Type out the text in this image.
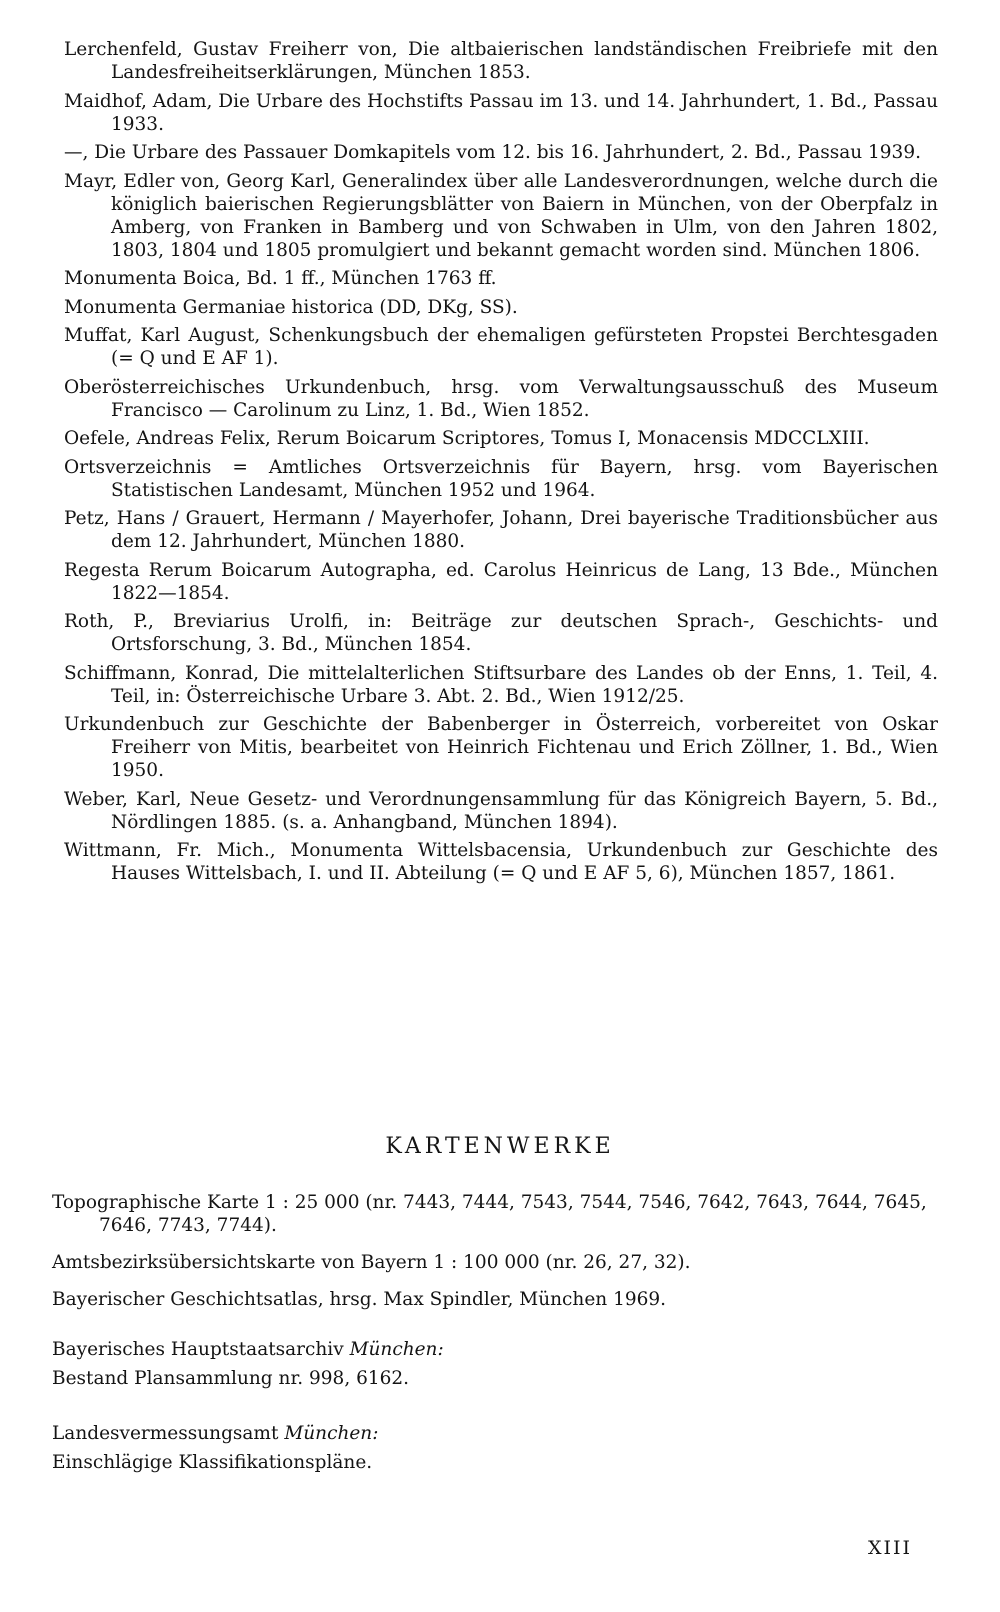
Lerchenfeld, Gustav Freiherr von, Die altbaierischen landständischen Freibriefe mit den Landesfreiheitserklärungen, München 1853.

Maidhof, Adam, Die Urbare des Hochstifts Passau im 13. und 14. Jahrhundert, 1. Bd., Passau 1933.

—, Die Urbare des Passauer Domkapitels vom 12. bis 16. Jahrhundert, 2. Bd., Passau 1939.

Mayr, Edler von, Georg Karl, Generalindex über alle Landesverordnungen, welche durch die königlich baierischen Regierungsblätter von Baiern in München, von der Oberpfalz in Amberg, von Franken in Bamberg und von Schwaben in Ulm, von den Jahren 1802, 1803, 1804 und 1805 promulgiert und bekannt gemacht worden sind. München 1806.

Monumenta Boica, Bd. 1 ff., München 1763 ff.

Monumenta Germaniae historica (DD, DKg, SS).

Muffat, Karl August, Schenkungsbuch der ehemaligen gefürsteten Propstei Berchtesgaden (= Q und E AF 1).

Oberösterreichisches Urkundenbuch, hrsg. vom Verwaltungsausschuß des Museum Francisco — Carolinum zu Linz, 1. Bd., Wien 1852.

Oefele, Andreas Felix, Rerum Boicarum Scriptores, Tomus I, Monacensis MDCCLXIII.

Ortsverzeichnis = Amtliches Ortsverzeichnis für Bayern, hrsg. vom Bayerischen Statistischen Landesamt, München 1952 und 1964.

Petz, Hans / Grauert, Hermann / Mayerhofer, Johann, Drei bayerische Traditionsbücher aus dem 12. Jahrhundert, München 1880.

Regesta Rerum Boicarum Autographa, ed. Carolus Heinricus de Lang, 13 Bde., München 1822—1854.

Roth, P., Breviarius Urolfi, in: Beiträge zur deutschen Sprach-, Geschichts- und Ortsforschung, 3. Bd., München 1854.

Schiffmann, Konrad, Die mittelalterlichen Stiftsurbare des Landes ob der Enns, 1. Teil, 4. Teil, in: Österreichische Urbare 3. Abt. 2. Bd., Wien 1912/25.

Urkundenbuch zur Geschichte der Babenberger in Österreich, vorbereitet von Oskar Freiherr von Mitis, bearbeitet von Heinrich Fichtenau und Erich Zöllner, 1. Bd., Wien 1950.

Weber, Karl, Neue Gesetz- und Verordnungensammlung für das Königreich Bayern, 5. Bd., Nördlingen 1885. (s. a. Anhangband, München 1894).

Wittmann, Fr. Mich., Monumenta Wittelsbacensia, Urkundenbuch zur Geschichte des Hauses Wittelsbach, I. und II. Abteilung (= Q und E AF 5, 6), München 1857, 1861.

KARTENWERKE
Topographische Karte 1 : 25 000 (nr. 7443, 7444, 7543, 7544, 7546, 7642, 7643, 7644, 7645, 7646, 7743, 7744).
Amtsbezirksübersichtskarte von Bayern 1 : 100 000 (nr. 26, 27, 32).
Bayerischer Geschichtsatlas, hrsg. Max Spindler, München 1969.
Bayerisches Hauptstaatsarchiv München:
Bestand Plansammlung nr. 998, 6162.
Landesvermessungsamt München:
Einschlägige Klassifikationspläne.
XIII
